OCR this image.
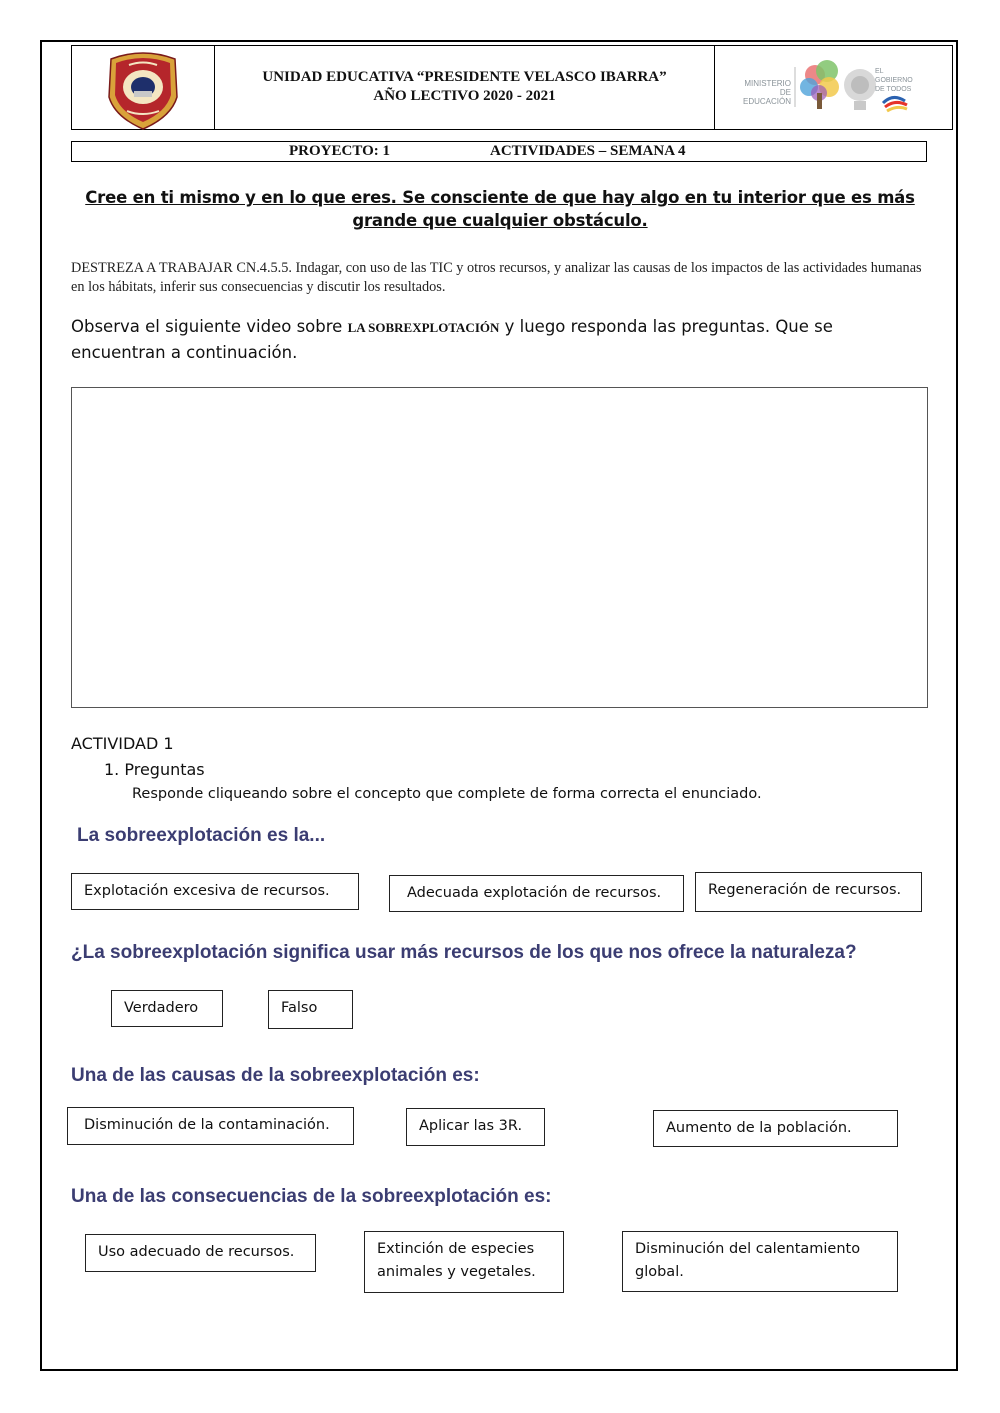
UNIDAD EDUCATIVA “PRESIDENTE VELASCO IBARRA”
AÑO LECTIVO 2020 - 2021
MINISTERIO DE EDUCACIÓN
EL GOBIERNO DE TODOS
PROYECTO: 1	ACTIVIDADES – SEMANA 4
Cree en ti mismo y en lo que eres. Se consciente de que hay algo en tu interior que es más grande que cualquier obstáculo.
DESTREZA A TRABAJAR CN.4.5.5. Indagar, con uso de las TIC y otros recursos, y analizar las causas de los impactos de las actividades humanas en los hábitats, inferir sus consecuencias y discutir los resultados.
Observa el siguiente video sobre LA SOBREXPLOTACIÓN y luego responda las preguntas. Que se encuentran a continuación.
ACTIVIDAD 1
1. Preguntas
Responde cliqueando sobre el concepto que complete de forma correcta el enunciado.
La sobreexplotación es la...
Explotación excesiva de recursos.	Adecuada explotación de recursos.	Regeneración de recursos.
¿La sobreexplotación significa usar más recursos de los que nos ofrece la naturaleza?
Verdadero	Falso
Una de las causas de la sobreexplotación es:
Disminución de la contaminación.	Aplicar las 3R.	Aumento de la población.
Una de las consecuencias de la sobreexplotación es:
Uso adecuado de recursos.	Extinción de especies animales y vegetales.
Disminución del calentamiento global.
